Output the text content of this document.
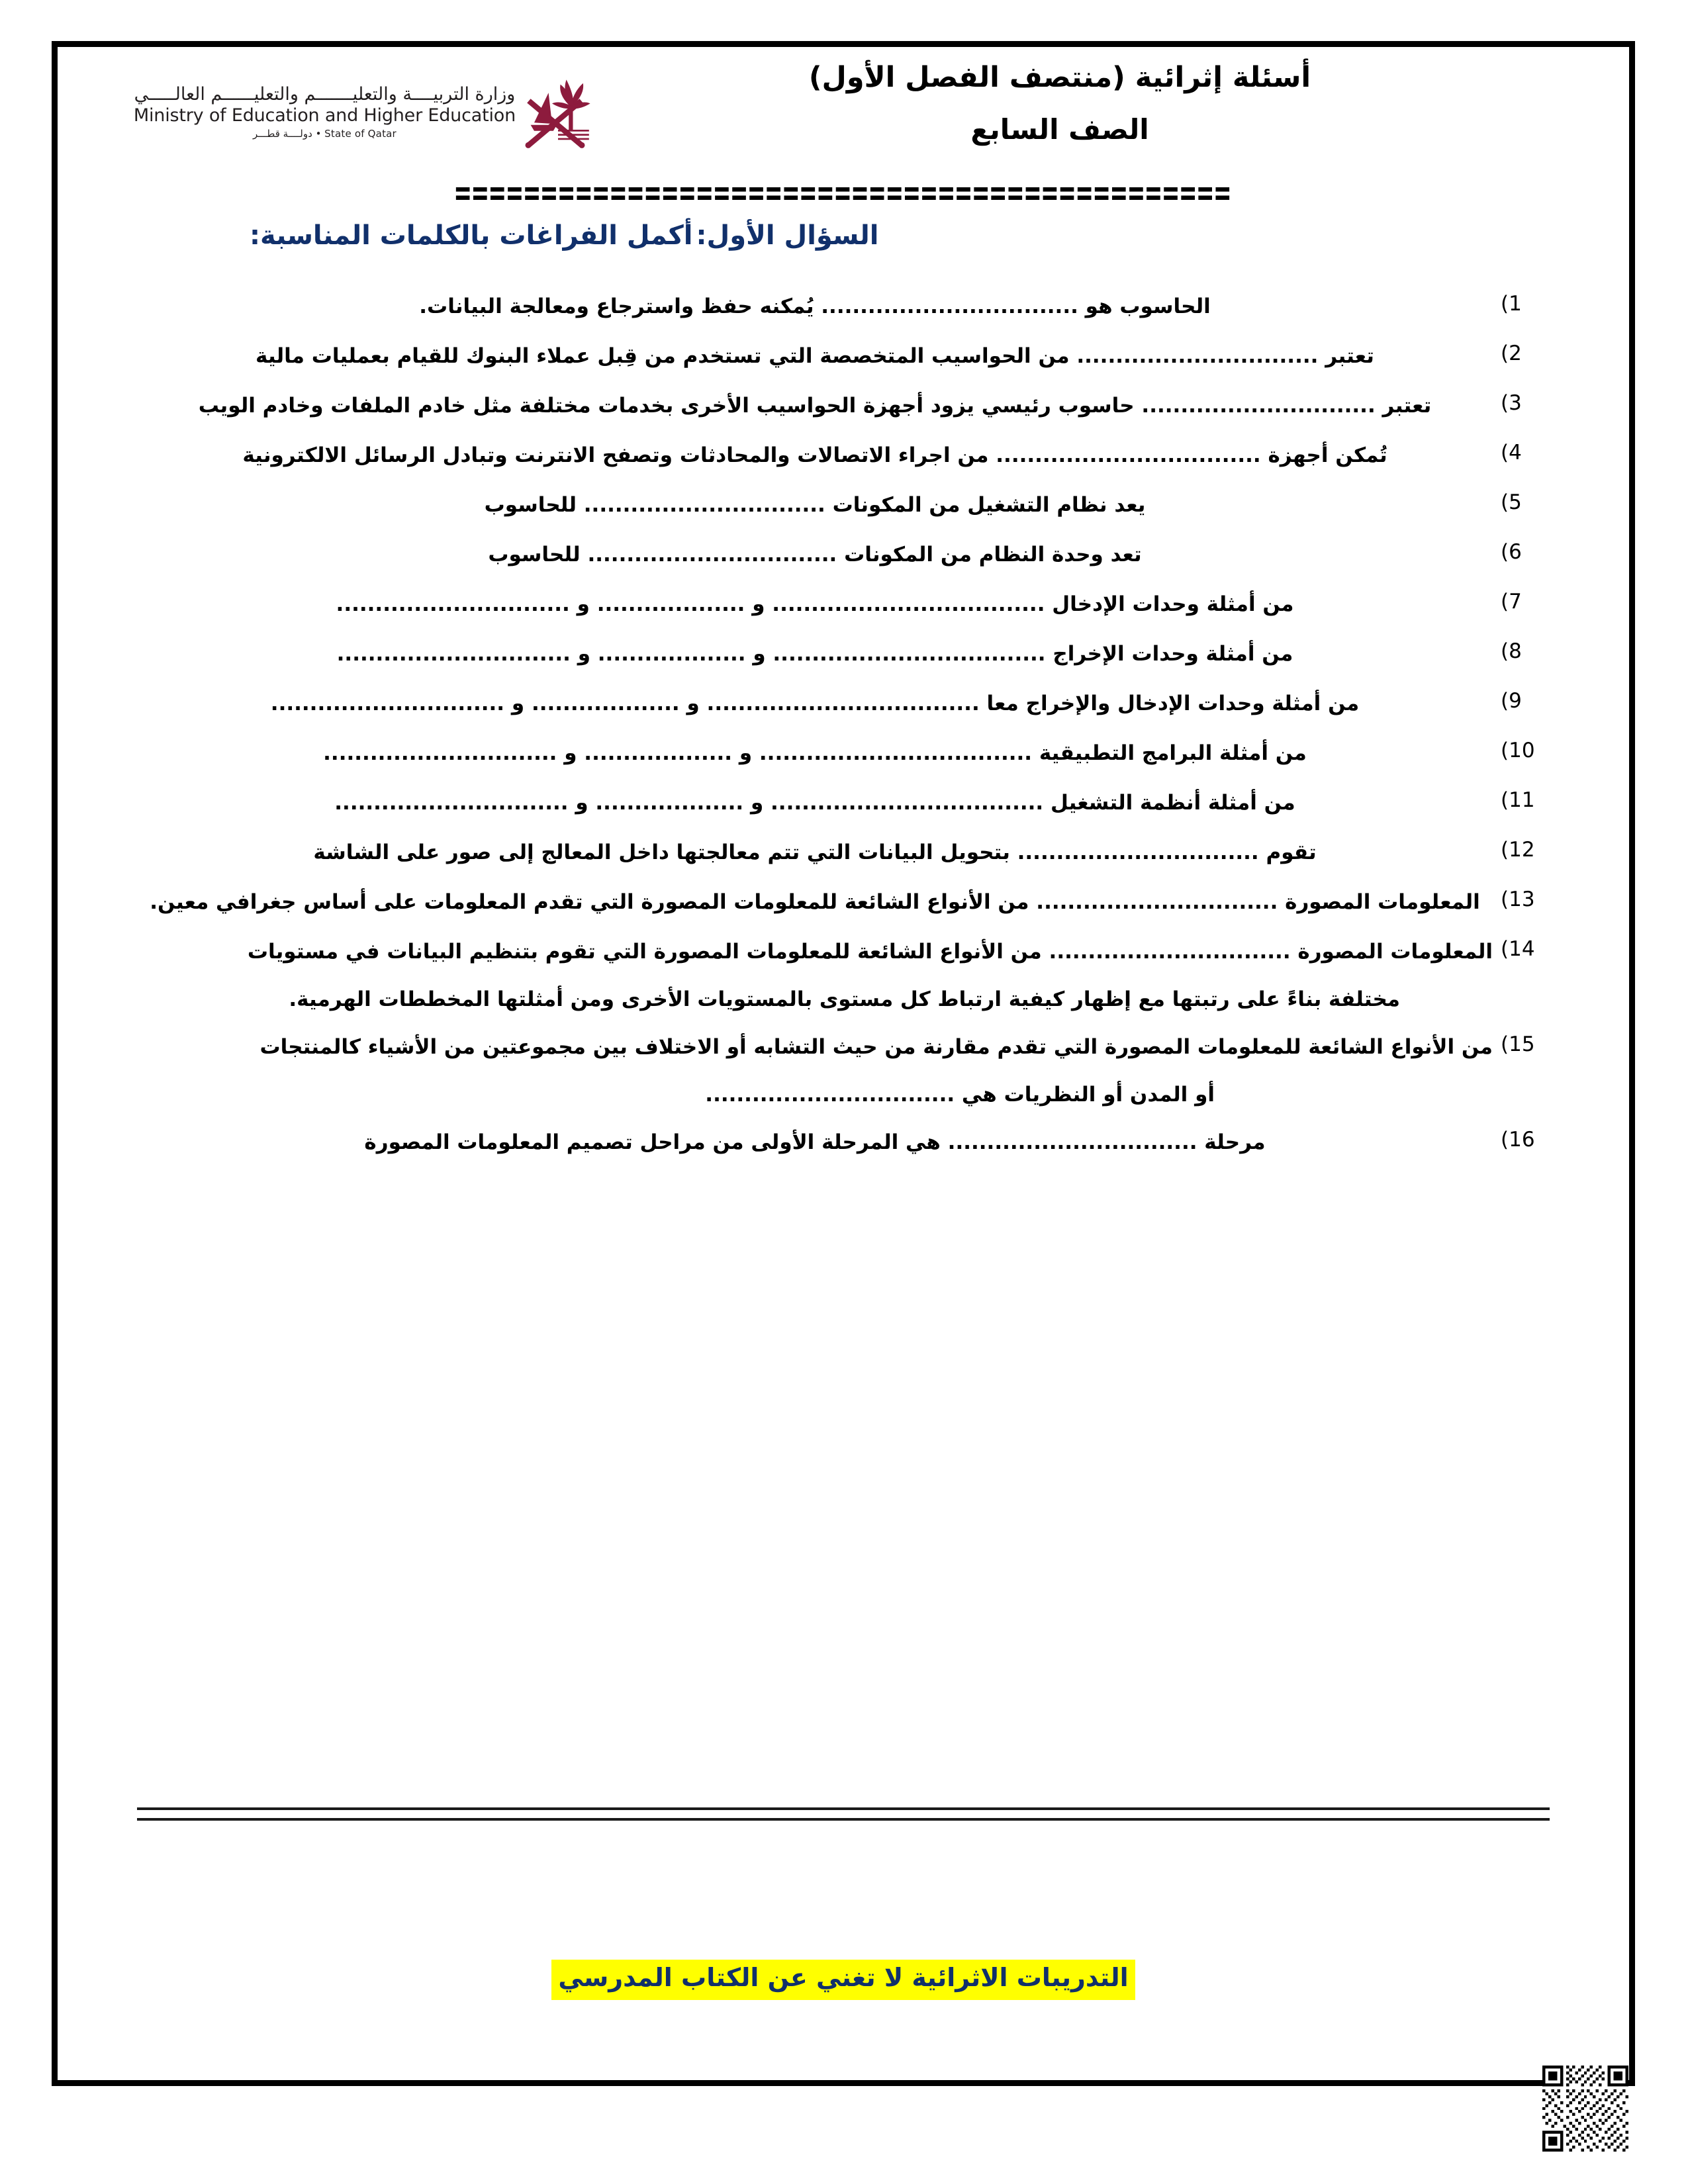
وزارة التربيــــة والتعليـــــــم والتعليــــــم العالـــــي
Ministry of Education and Higher Education
دولــــة قطـــر • State of Qatar
أسئلة إثرائية (منتصف الفصل الأول)
الصف السابع
=============================================
السؤال الأول: أكمل الفراغات بالكلمات المناسبة:
1)
الحاسوب هو ................................. يُمكنه حفظ واسترجاع ومعالجة البيانات.
2)
تعتبر ............................... من الحواسيب المتخصصة التي تستخدم من قِبل عملاء البنوك للقيام بعمليات مالية
3)
تعتبر .............................. حاسوب رئيسي يزود أجهزة الحواسيب الأخرى بخدمات مختلفة مثل خادم الملفات وخادم الويب
4)
تُمكن أجهزة .................................. من اجراء الاتصالات والمحادثات وتصفح الانترنت وتبادل الرسائل الالكترونية
5)
يعد نظام التشغيل من المكونات ............................... للحاسوب
6)
تعد وحدة النظام من المكونات ................................ للحاسوب
7)
من أمثلة وحدات الإدخال ................................... و ................... و ..............................
8)
من أمثلة وحدات الإخراج ................................... و ................... و ..............................
9)
من أمثلة وحدات الإدخال والإخراج معا ................................... و ................... و ..............................
10)
من أمثلة البرامج التطبيقية ................................... و ................... و ..............................
11)
من أمثلة أنظمة التشغيل ................................... و ................... و ..............................
12)
تقوم ............................... بتحويل البيانات التي تتم معالجتها داخل المعالج إلى صور على الشاشة
13)
المعلومات المصورة ............................... من الأنواع الشائعة للمعلومات المصورة التي تقدم المعلومات على أساس جغرافي معين.
14)
المعلومات المصورة ............................... من الأنواع الشائعة للمعلومات المصورة التي تقوم بتنظيم البيانات في مستويات
مختلفة بناءً على رتبتها مع إظهار كيفية ارتباط كل مستوى بالمستويات الأخرى ومن أمثلتها المخططات الهرمية.
15)
من الأنواع الشائعة للمعلومات المصورة التي تقدم مقارنة من حيث التشابه أو الاختلاف بين مجموعتين من الأشياء كالمنتجات
أو المدن أو النظريات هي ................................
16)
مرحلة ................................ هي المرحلة الأولى من مراحل تصميم المعلومات المصورة
التدريبات الاثرائية لا تغني عن الكتاب المدرسي
